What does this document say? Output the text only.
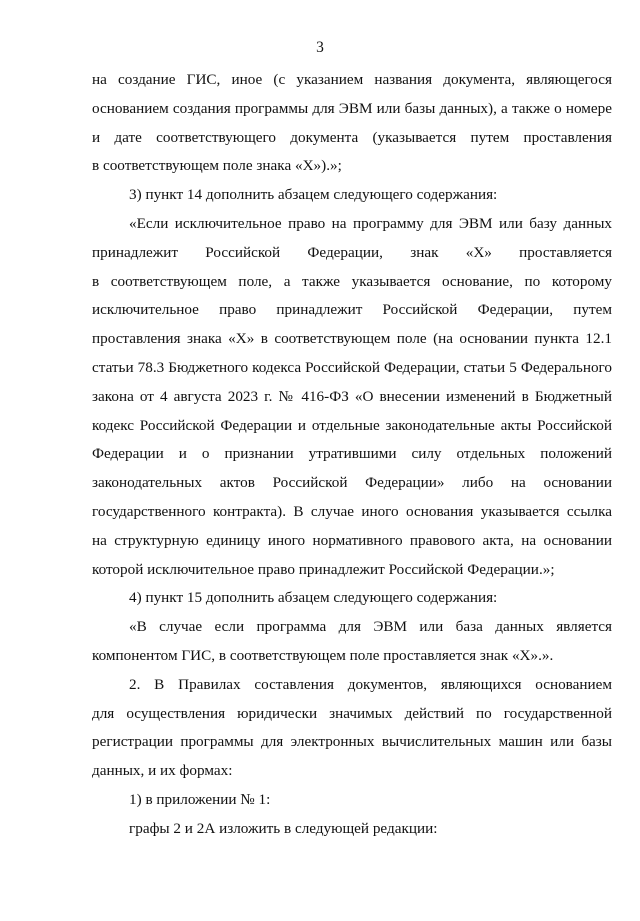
3
на создание ГИС, иное (с указанием названия документа, являющегося
основанием создания программы для ЭВМ или базы данных), а также о номере
и дате соответствующего документа (указывается путем проставления
в соответствующем поле знака «Х»).»;
3) пункт 14 дополнить абзацем следующего содержания:
«Если исключительное право на программу для ЭВМ или базу данных
принадлежит Российской Федерации, знак «Х» проставляется
в соответствующем поле, а также указывается основание, по которому
исключительное право принадлежит Российской Федерации, путем
проставления знака «Х» в соответствующем поле (на основании пункта 12.1
статьи 78.3 Бюджетного кодекса Российской Федерации, статьи 5 Федерального
закона от 4 августа 2023 г. № 416-ФЗ «О внесении изменений в Бюджетный
кодекс Российской Федерации и отдельные законодательные акты Российской
Федерации и о признании утратившими силу отдельных положений
законодательных актов Российской Федерации» либо на основании
государственного контракта). В случае иного основания указывается ссылка
на структурную единицу иного нормативного правового акта, на основании
которой исключительное право принадлежит Российской Федерации.»;
4) пункт 15 дополнить абзацем следующего содержания:
«В случае если программа для ЭВМ или база данных является
компонентом ГИС, в соответствующем поле проставляется знак «Х».».
2. В Правилах составления документов, являющихся основанием
для осуществления юридически значимых действий по государственной
регистрации программы для электронных вычислительных машин или базы
данных, и их формах:
1) в приложении № 1:
графы 2 и 2А изложить в следующей редакции:
